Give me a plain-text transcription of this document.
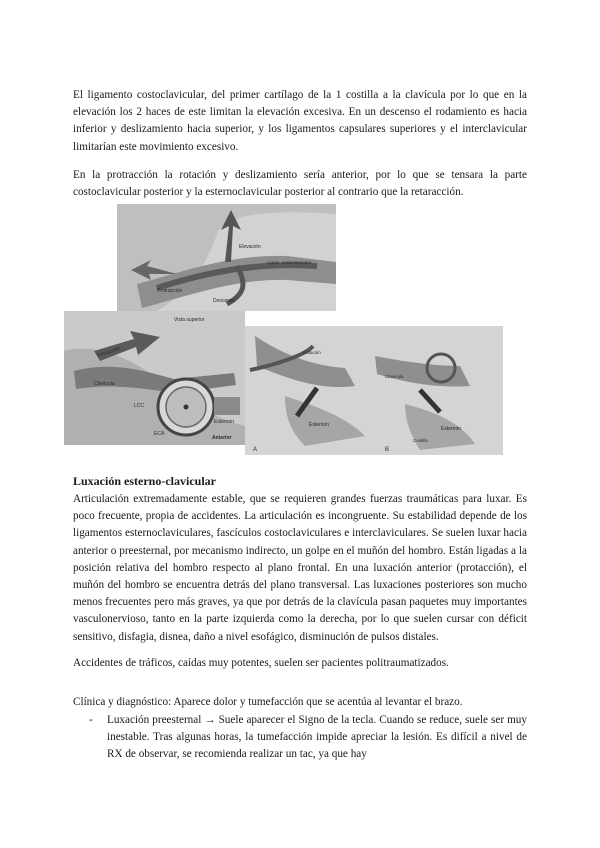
El ligamento costoclavicular, del primer cartílago de la 1 costilla a la clavícula por lo que en la elevación los 2 haces de este limitan la elevación excesiva. En un descenso el rodamiento es hacia inferior y deslizamiento hacia superior, y los ligamentos capsulares superiores y el interclavicular limitarían este movimiento excesivo.

En la protracción la rotación y deslizamiento sería anterior, por lo que se tensara la parte costoclavicular posterior y la esternoclavicular posterior al contrario que la retaracción.

Elevación
Protracción
Descenso
Ligam. costoclavicular
Vista superior
Retracción
Clavícula
LCC
ECA
Esternón
Anterior
A	B
Rotación
Esternón
Esternón
Clavícula
Costilla
Luxación esterno-clavicular

Articulación extremadamente estable, que se requieren grandes fuerzas traumáticas para luxar. Es poco frecuente, propia de accidentes. La articulación es incongruente. Su estabilidad depende de los ligamentos esternoclaviculares, fascículos costoclaviculares e interclaviculares. Se suelen luxar hacia anterior o preesternal, por mecanismo indirecto, un golpe en el muñón del hombro. Están ligadas a la posición relativa del hombro respecto al plano frontal. En una luxación anterior (protacción), el muñón del hombro se encuentra detrás del plano transversal. Las luxaciones posteriores son mucho menos frecuentes pero más graves, ya que por detrás de la clavícula pasan paquetes muy importantes vasculonervioso, tanto en la parte izquierda como la derecha, por lo que suelen cursar con déficit sensitivo, disfagia, disnea, daño a nivel esofágico, disminución de pulsos distales.

Accidentes de tráficos, caídas muy potentes, suelen ser pacientes politraumatizados.

Clínica y diagnóstico: Aparece dolor y tumefacción que se acentúa al levantar el brazo.

- Luxación preesternal → Suele aparecer el Signo de la tecla. Cuando se reduce, suele ser muy inestable. Tras algunas horas, la tumefacción impide apreciar la lesión. Es difícil a nivel de RX de observar, se recomienda realizar un tac, ya que hay
